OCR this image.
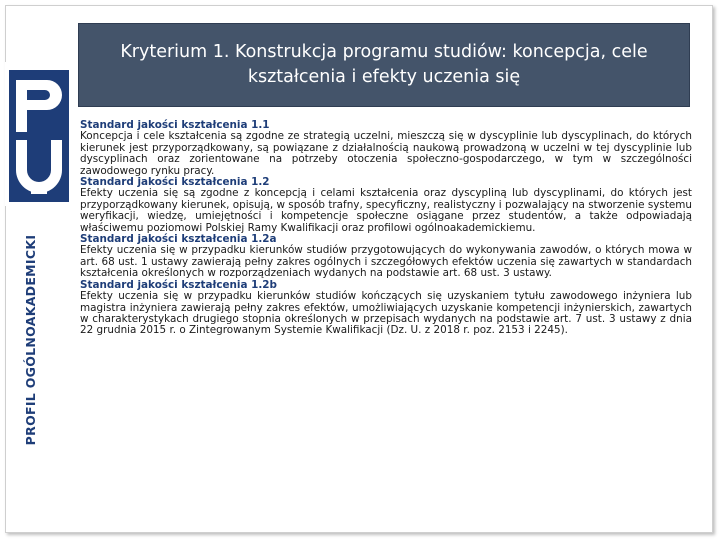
PROFIL OGÓLNOAKADEMICKI
Kryterium 1. Konstrukcja programu studiów: koncepcja, cele kształcenia i efekty uczenia się
Standard jakości kształcenia 1.1
Koncepcja i cele kształcenia są zgodne ze strategią uczelni, mieszczą się w dyscyplinie lub dyscyplinach, do których kierunek jest przyporządkowany, są powiązane z działalnością naukową prowadzoną w uczelni w tej dyscyplinie lub dyscyplinach oraz zorientowane na potrzeby otoczenia społeczno-gospodarczego, w tym w szczególności zawodowego rynku pracy.
Standard jakości kształcenia 1.2
Efekty uczenia się są zgodne z koncepcją i celami kształcenia oraz dyscypliną lub dyscyplinami, do których jest przyporządkowany kierunek, opisują, w sposób trafny, specyficzny, realistyczny i pozwalający na stworzenie systemu weryfikacji, wiedzę, umiejętności i kompetencje społeczne osiągane przez studentów, a także odpowiadają właściwemu poziomowi Polskiej Ramy Kwalifikacji oraz profilowi ogólnoakademickiemu.
Standard jakości kształcenia 1.2a
Efekty uczenia się w przypadku kierunków studiów przygotowujących do wykonywania zawodów, o których mowa w art. 68 ust. 1 ustawy zawierają pełny zakres ogólnych i szczegółowych efektów uczenia się zawartych w standardach kształcenia określonych w rozporządzeniach wydanych na podstawie art. 68 ust. 3 ustawy.
Standard jakości kształcenia 1.2b
Efekty uczenia się w przypadku kierunków studiów kończących się uzyskaniem tytułu zawodowego inżyniera lub magistra inżyniera zawierają pełny zakres efektów, umożliwiających uzyskanie kompetencji inżynierskich, zawartych w charakterystykach drugiego stopnia określonych w przepisach wydanych na podstawie art. 7 ust. 3 ustawy z dnia 22 grudnia 2015 r. o Zintegrowanym Systemie Kwalifikacji (Dz. U. z 2018 r. poz. 2153 i 2245).
